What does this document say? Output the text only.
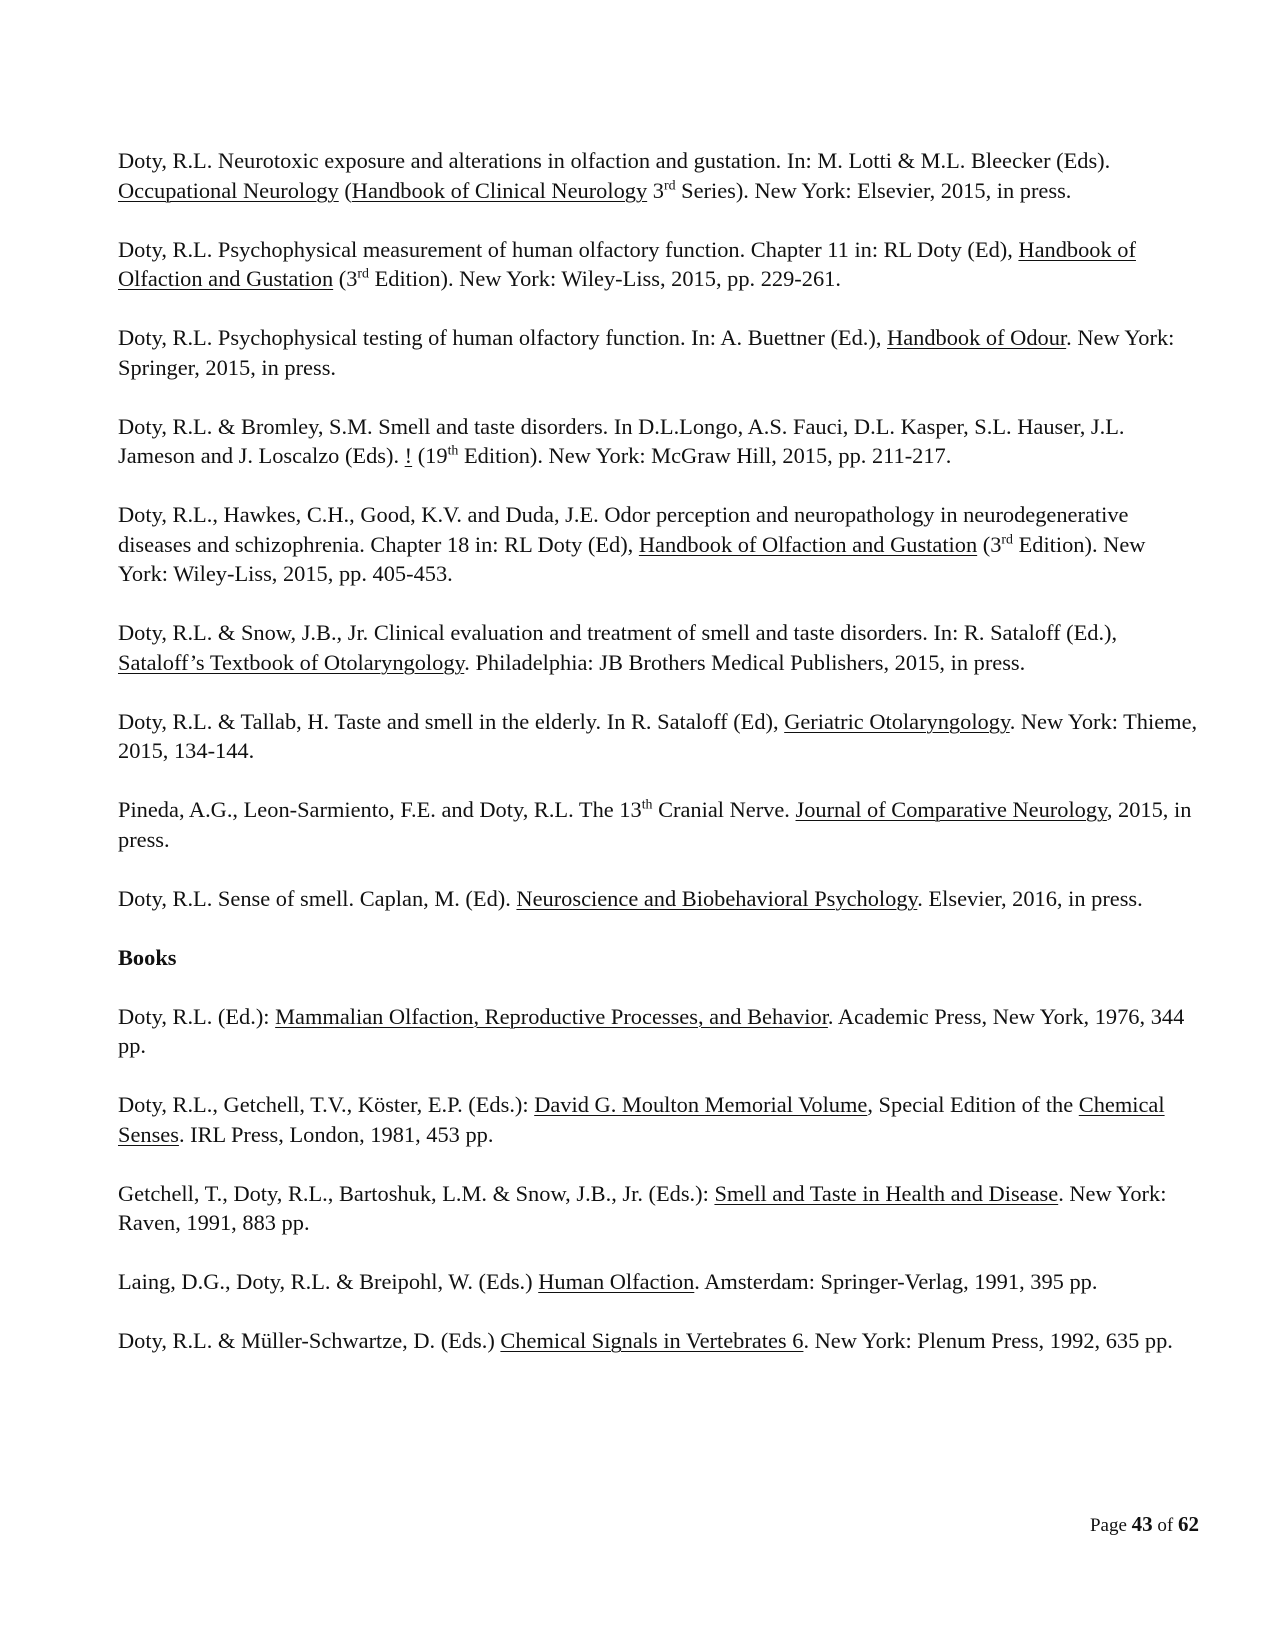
Doty, R.L. Neurotoxic exposure and alterations in olfaction and gustation. In: M. Lotti & M.L. Bleecker (Eds). Occupational Neurology (Handbook of Clinical Neurology 3rd Series). New York: Elsevier, 2015, in press.

Doty, R.L. Psychophysical measurement of human olfactory function. Chapter 11 in: RL Doty (Ed), Handbook of Olfaction and Gustation (3rd Edition). New York: Wiley-Liss, 2015, pp. 229-261.

Doty, R.L. Psychophysical testing of human olfactory function. In: A. Buettner (Ed.), Handbook of Odour. New York: Springer, 2015, in press.

Doty, R.L. & Bromley, S.M. Smell and taste disorders. In D.L.Longo, A.S. Fauci, D.L. Kasper, S.L. Hauser, J.L. Jameson and J. Loscalzo (Eds). ! (19th Edition). New York: McGraw Hill, 2015, pp. 211-217.

Doty, R.L., Hawkes, C.H., Good, K.V. and Duda, J.E. Odor perception and neuropathology in neurodegenerative diseases and schizophrenia. Chapter 18 in: RL Doty (Ed), Handbook of Olfaction and Gustation (3rd Edition). New York: Wiley-Liss, 2015, pp. 405-453.

Doty, R.L. & Snow, J.B., Jr. Clinical evaluation and treatment of smell and taste disorders. In: R. Sataloff (Ed.), Sataloff’s Textbook of Otolaryngology. Philadelphia: JB Brothers Medical Publishers, 2015, in press.

Doty, R.L. & Tallab, H. Taste and smell in the elderly. In R. Sataloff (Ed), Geriatric Otolaryngology. New York: Thieme, 2015, 134-144.

Pineda, A.G., Leon-Sarmiento, F.E. and Doty, R.L. The 13th Cranial Nerve. Journal of Comparative Neurology, 2015, in press.

Doty, R.L. Sense of smell. Caplan, M. (Ed). Neuroscience and Biobehavioral Psychology. Elsevier, 2016, in press.

Books

Doty, R.L. (Ed.): Mammalian Olfaction, Reproductive Processes, and Behavior. Academic Press, New York, 1976, 344 pp.

Doty, R.L., Getchell, T.V., Köster, E.P. (Eds.): David G. Moulton Memorial Volume, Special Edition of the Chemical Senses. IRL Press, London, 1981, 453 pp.

Getchell, T., Doty, R.L., Bartoshuk, L.M. & Snow, J.B., Jr. (Eds.): Smell and Taste in Health and Disease. New York: Raven, 1991, 883 pp.

Laing, D.G., Doty, R.L. & Breipohl, W. (Eds.) Human Olfaction. Amsterdam: Springer-Verlag, 1991, 395 pp.

Doty, R.L. & Müller-Schwartze, D. (Eds.) Chemical Signals in Vertebrates 6. New York: Plenum Press, 1992, 635 pp.

Page 43 of 62
